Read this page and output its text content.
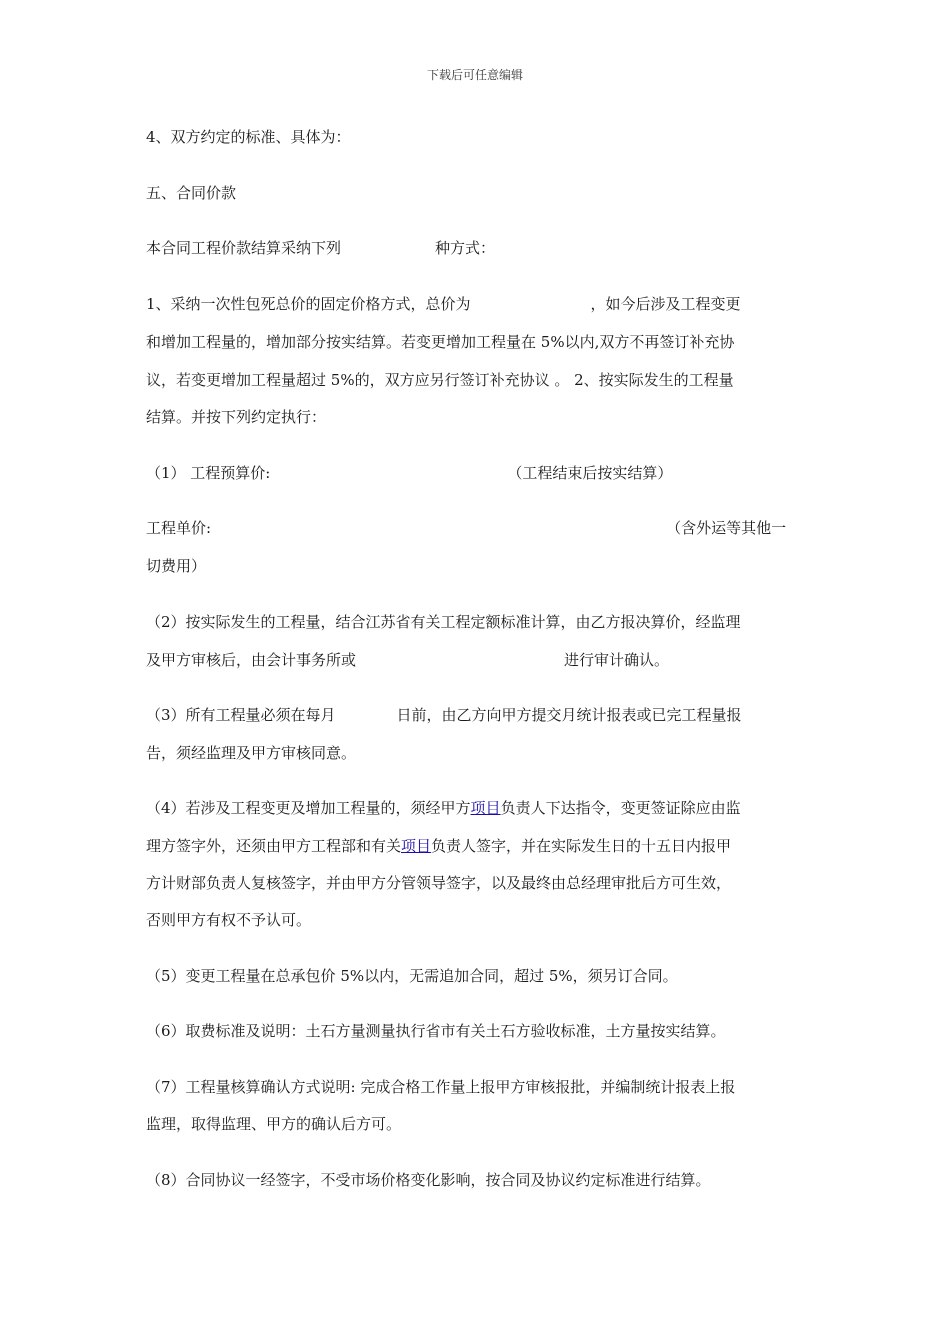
下载后可任意编辑
4、双方约定的标准、具体为：
五、合同价款
本合同工程价款结算采纳下列	种方式：
1、采纳一次性包死总价的固定价格方式，总价为	，如今后涉及工程变更
和增加工程量的，增加部分按实结算。若变更增加工程量在 5%以内,双方不再签订补充协
议，若变更增加工程量超过 5%的，双方应另行签订补充协议 。 2、按实际发生的工程量
结算。并按下列约定执行：
（1） 工程预算价:	（工程结束后按实结算）
工程单价:	（含外运等其他一
切费用）
（2）按实际发生的工程量，结合江苏省有关工程定额标准计算，由乙方报决算价，经监理
及甲方审核后，由会计事务所或	进行审计确认。
（3）所有工程量必须在每月	日前，由乙方向甲方提交月统计报表或已完工程量报
告，须经监理及甲方审核同意。
（4）若涉及工程变更及增加工程量的，须经甲方项目负责人下达指令，变更签证除应由监
理方签字外，还须由甲方工程部和有关项目负责人签字，并在实际发生日的十五日内报甲
方计财部负责人复核签字，并由甲方分管领导签字，以及最终由总经理审批后方可生效，
否则甲方有权不予认可。
（5）变更工程量在总承包价 5%以内，无需追加合同，超过 5%，须另订合同。
（6）取费标准及说明：土石方量测量执行省市有关土石方验收标准，土方量按实结算。
（7）工程量核算确认方式说明: 完成合格工作量上报甲方审核报批，并编制统计报表上报
监理，取得监理、甲方的确认后方可。
（8）合同协议一经签字，不受市场价格变化影响，按合同及协议约定标准进行结算。
